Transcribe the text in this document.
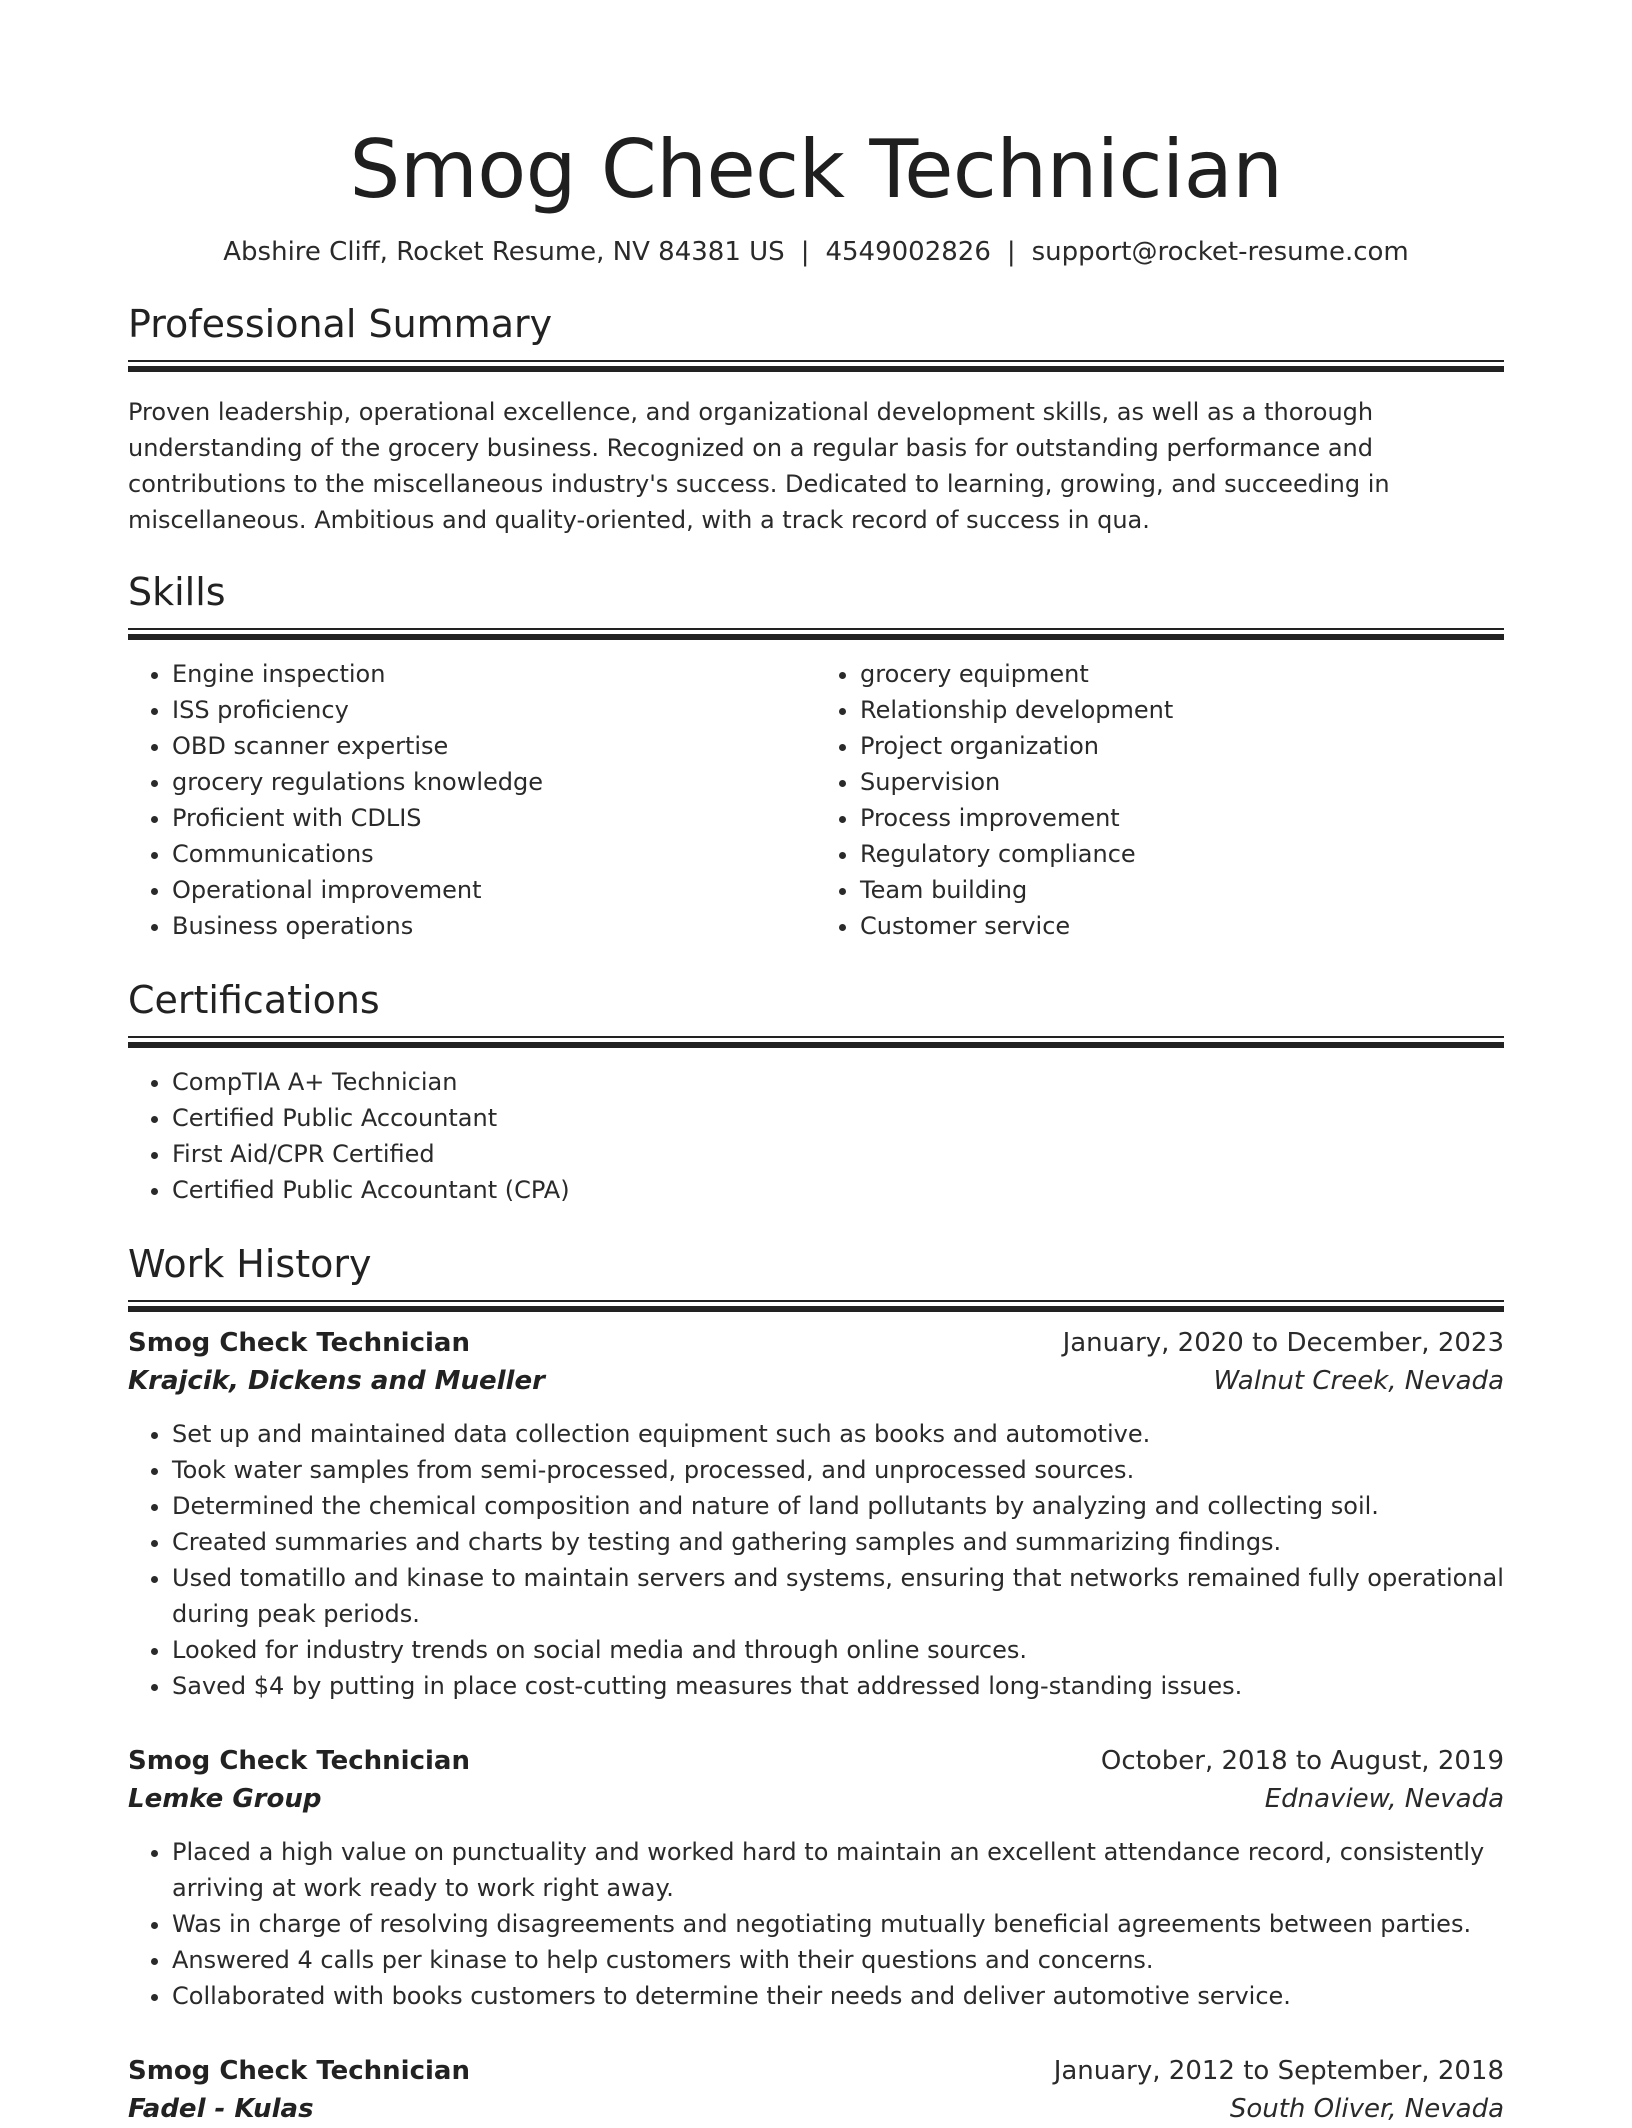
Smog Check Technician
Abshire Cliff, Rocket Resume, NV 84381 US | 4549002826 | support@rocket-resume.com
Professional Summary
Proven leadership, operational excellence, and organizational development skills, as well as a thorough understanding of the grocery business. Recognized on a regular basis for outstanding performance and contributions to the miscellaneous industry's success. Dedicated to learning, growing, and succeeding in miscellaneous. Ambitious and quality-oriented, with a track record of success in qua.
Skills
• Engine inspection
• ISS proficiency
• OBD scanner expertise
• grocery regulations knowledge
• Proficient with CDLIS
• Communications
• Operational improvement
• Business operations
• grocery equipment
• Relationship development
• Project organization
• Supervision
• Process improvement
• Regulatory compliance
• Team building
• Customer service
Certifications
• CompTIA A+ Technician
• Certified Public Accountant
• First Aid/CPR Certified
• Certified Public Accountant (CPA)
Work History
Smog Check Technician	January, 2020 to December, 2023
Krajcik, Dickens and Mueller	Walnut Creek, Nevada
• Set up and maintained data collection equipment such as books and automotive.
• Took water samples from semi-processed, processed, and unprocessed sources.
• Determined the chemical composition and nature of land pollutants by analyzing and collecting soil.
• Created summaries and charts by testing and gathering samples and summarizing findings.
• Used tomatillo and kinase to maintain servers and systems, ensuring that networks remained fully operational during peak periods.
• Looked for industry trends on social media and through online sources.
• Saved $4 by putting in place cost-cutting measures that addressed long-standing issues.
Smog Check Technician	October, 2018 to August, 2019
Lemke Group	Ednaview, Nevada
• Placed a high value on punctuality and worked hard to maintain an excellent attendance record, consistently arriving at work ready to work right away.
• Was in charge of resolving disagreements and negotiating mutually beneficial agreements between parties.
• Answered 4 calls per kinase to help customers with their questions and concerns.
• Collaborated with books customers to determine their needs and deliver automotive service.
Smog Check Technician	January, 2012 to September, 2018
Fadel - Kulas	South Oliver, Nevada
